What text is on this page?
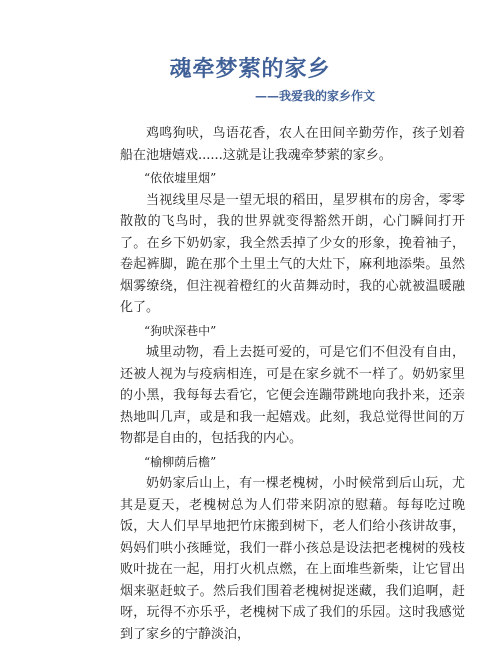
魂牵梦萦的家乡
——我爱我的家乡作文

鸡鸣狗吠，鸟语花香，农人在田间辛勤劳作，孩子划着船在池塘嬉戏......这就是让我魂牵梦萦的家乡。

“依依墟里烟”

当视线里尽是一望无垠的稻田，星罗棋布的房舍，零零散散的飞鸟时，我的世界就变得豁然开朗，心门瞬间打开了。在乡下奶奶家，我全然丢掉了少女的形象，挽着袖子，卷起裤脚，跪在那个土里土气的大灶下，麻利地添柴。虽然烟雾缭绕，但注视着橙红的火苗舞动时，我的心就被温暖融化了。

“狗吠深巷中”

城里动物，看上去挺可爱的，可是它们不但没有自由，还被人视为与疫病相连，可是在家乡就不一样了。奶奶家里的小黑，我每每去看它，它便会连蹦带跳地向我扑来，还亲热地叫几声，或是和我一起嬉戏。此刻，我总觉得世间的万物都是自由的，包括我的内心。

“榆柳荫后檐”

奶奶家后山上，有一棵老槐树，小时候常到后山玩，尤其是夏天，老槐树总为人们带来阴凉的慰藉。每每吃过晚饭，大人们早早地把竹床搬到树下，老人们给小孩讲故事，妈妈们哄小孩睡觉，我们一群小孩总是设法把老槐树的残枝败叶拢在一起，用打火机点燃，在上面堆些新柴，让它冒出烟来驱赶蚊子。然后我们围着老槐树捉迷藏，我们追啊，赶呀，玩得不亦乐乎，老槐树下成了我们的乐园。这时我感觉到了家乡的宁静淡泊，
